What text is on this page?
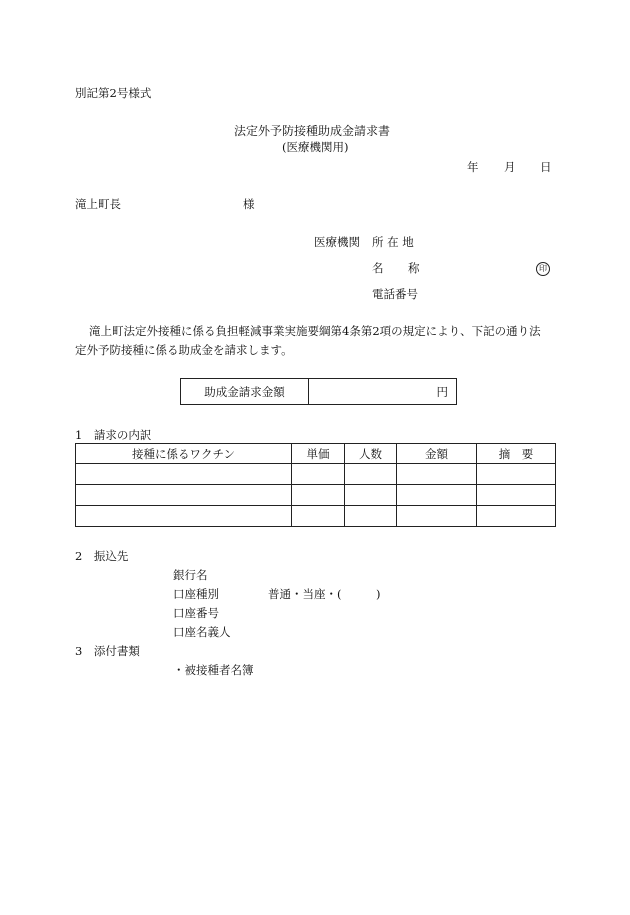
別記第2号様式
法定外予防接種助成金請求書
(医療機関用)
年 月 日
滝上町長	様
医療機関 所 在 地
名 称	印
電話番号
滝上町法定外接種に係る負担軽減事業実施要綱第4条第2項の規定により、下記の通り法
定外予防接種に係る助成金を請求します。
助成金請求金額	円
1　請求の内訳
接種に係るワクチン	単価	人数	金額	摘　要

2　振込先
銀行名
口座種別	普通・当座・(　　　)
口座番号
口座名義人
3　添付書類
・被接種者名簿
